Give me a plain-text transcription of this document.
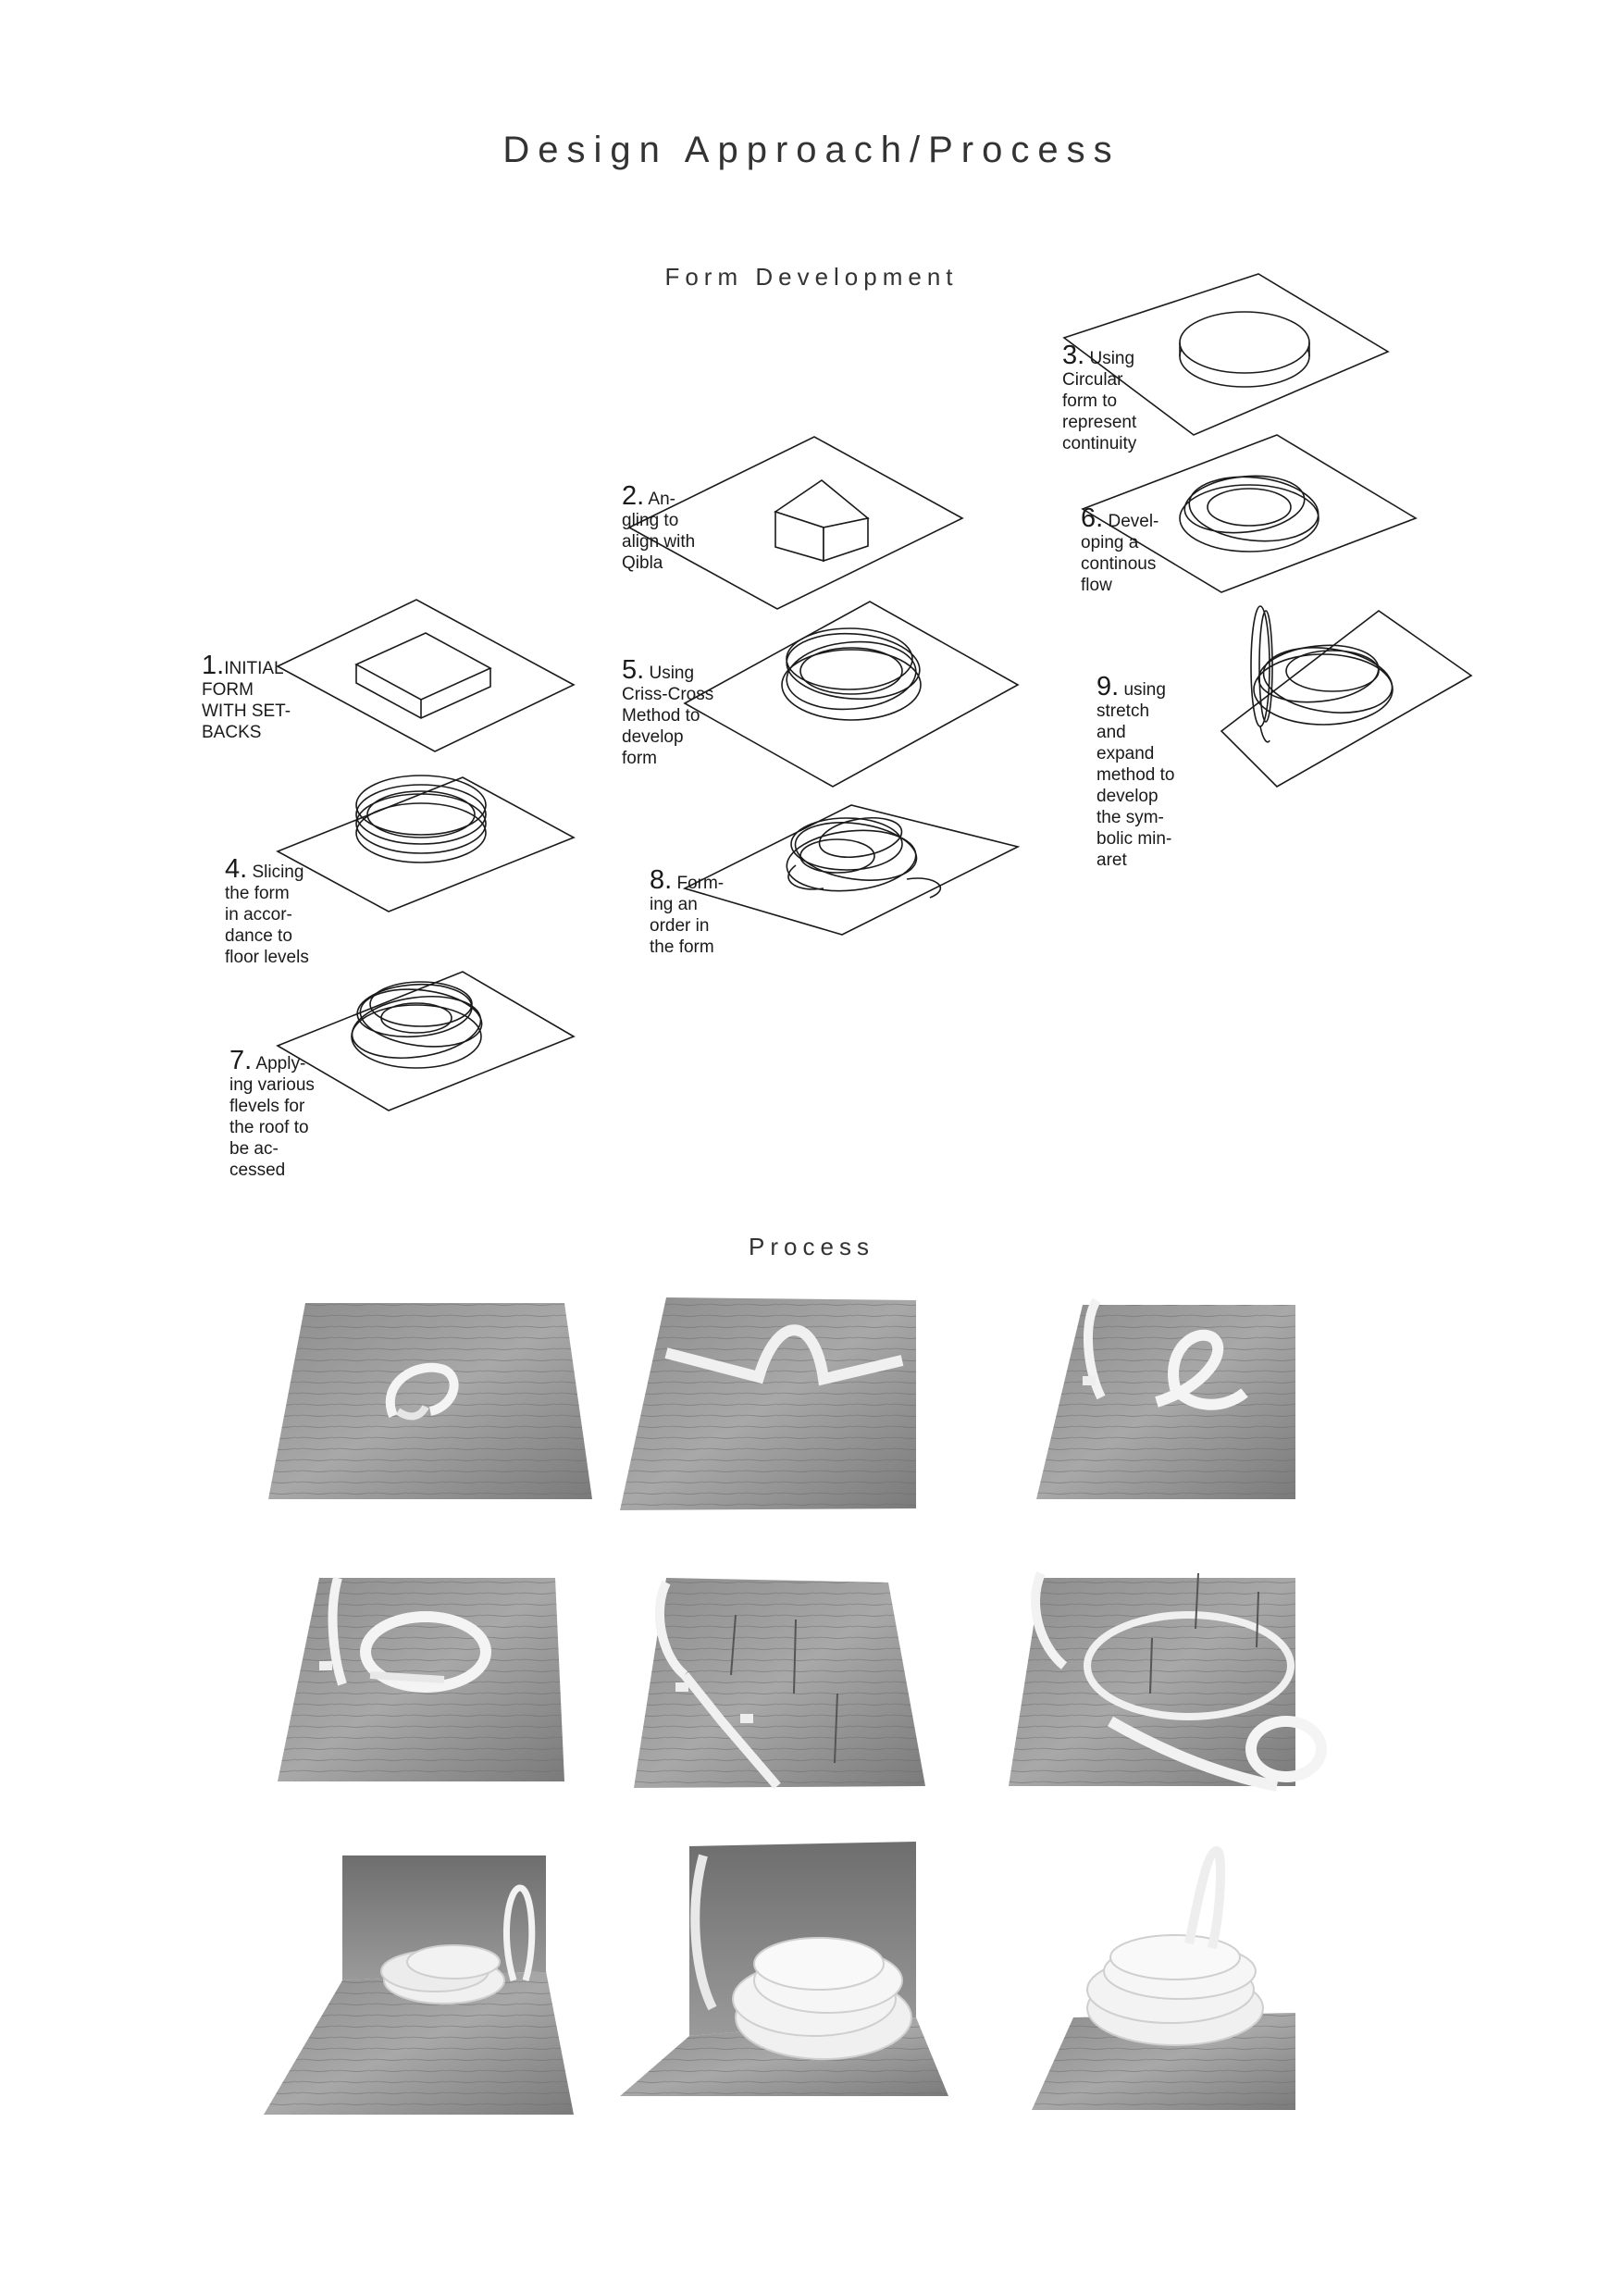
Design Approach/Process
Form Development
Process
1.INITIAL
FORM
WITH SET-
BACKS
2. An-
gling to
align with
Qibla
3. Using
Circular
form to
represent
continuity
4. Slicing
the form
in accor-
dance to
floor levels
5. Using
Criss-Cross
Method to
develop
form
6. Devel-
oping a
continous
flow
7. Apply-
ing various
flevels for
the roof to
be ac-
cessed
8. Form-
ing an
order in
the form
9. using
stretch
and
expand
method to
develop
the sym-
bolic min-
aret
